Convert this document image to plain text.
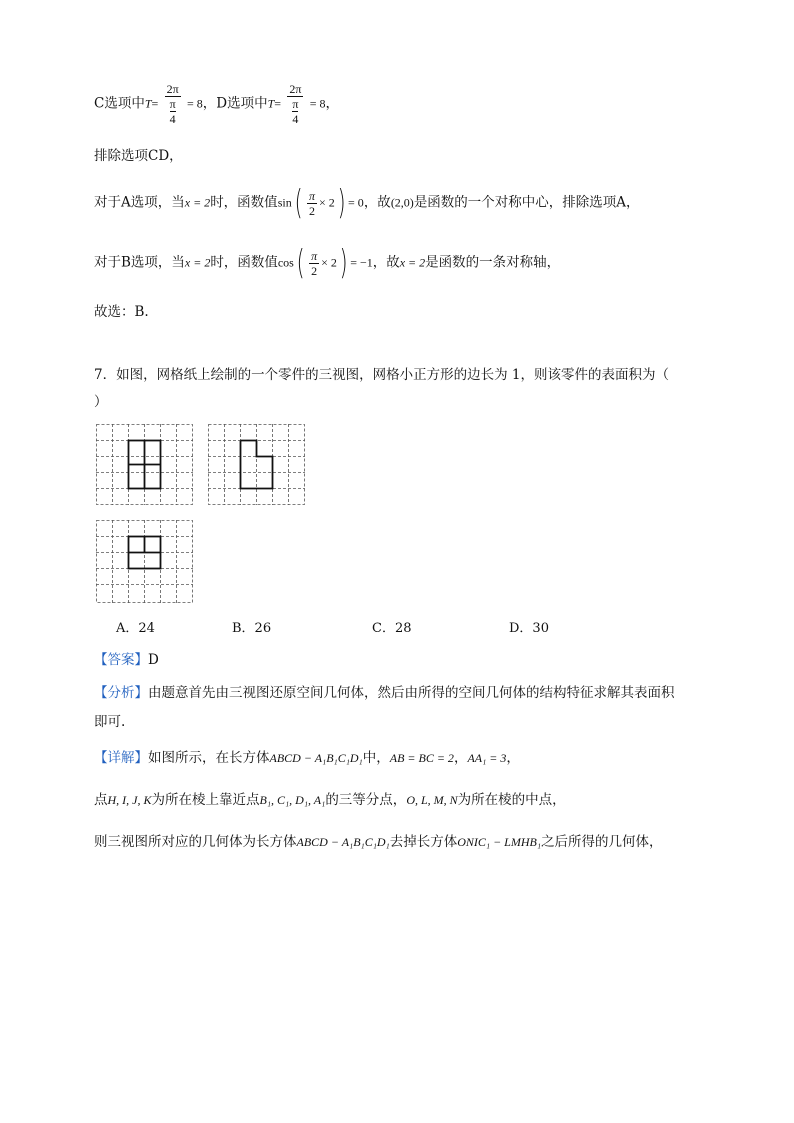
C选项中T= 2π
π
4 = 8，D选项中T= 2π
π
4 = 8，
排除选项CD，
对于A选项，当x = 2时，函数值$\sin( \frac{\pi}{2} \times 2) = 0$，故(2,0)是函数的一个对称中心，排除选项A，
对于B选项，当x = 2时，函数值$\cos( \frac{\pi}{2} \times 2) = -1$，故x = 2是函数的一条对称轴，
故选：B.
7．如图，网格纸上绘制的一个零件的三视图，网格小正方形的边长为 1，则该零件的表面积为（
）
A．24	B．26	C．28	D．30
【答案】D
【分析】由题意首先由三视图还原空间几何体，然后由所得的空间几何体的结构特征求解其表面积
即可.
【详解】如图所示，在长方体ABCD − A₁B₁C₁D₁中，AB = BC = 2，AA₁ = 3，
点H, I, J, K为所在棱上靠近点B₁, C₁, D₁, A₁的三等分点，O, L, M, N为所在棱的中点，
则三视图所对应的几何体为长方体ABCD − A₁B₁C₁D₁去掉长方体ONIC₁ − LMHB₁之后所得的几何体，
